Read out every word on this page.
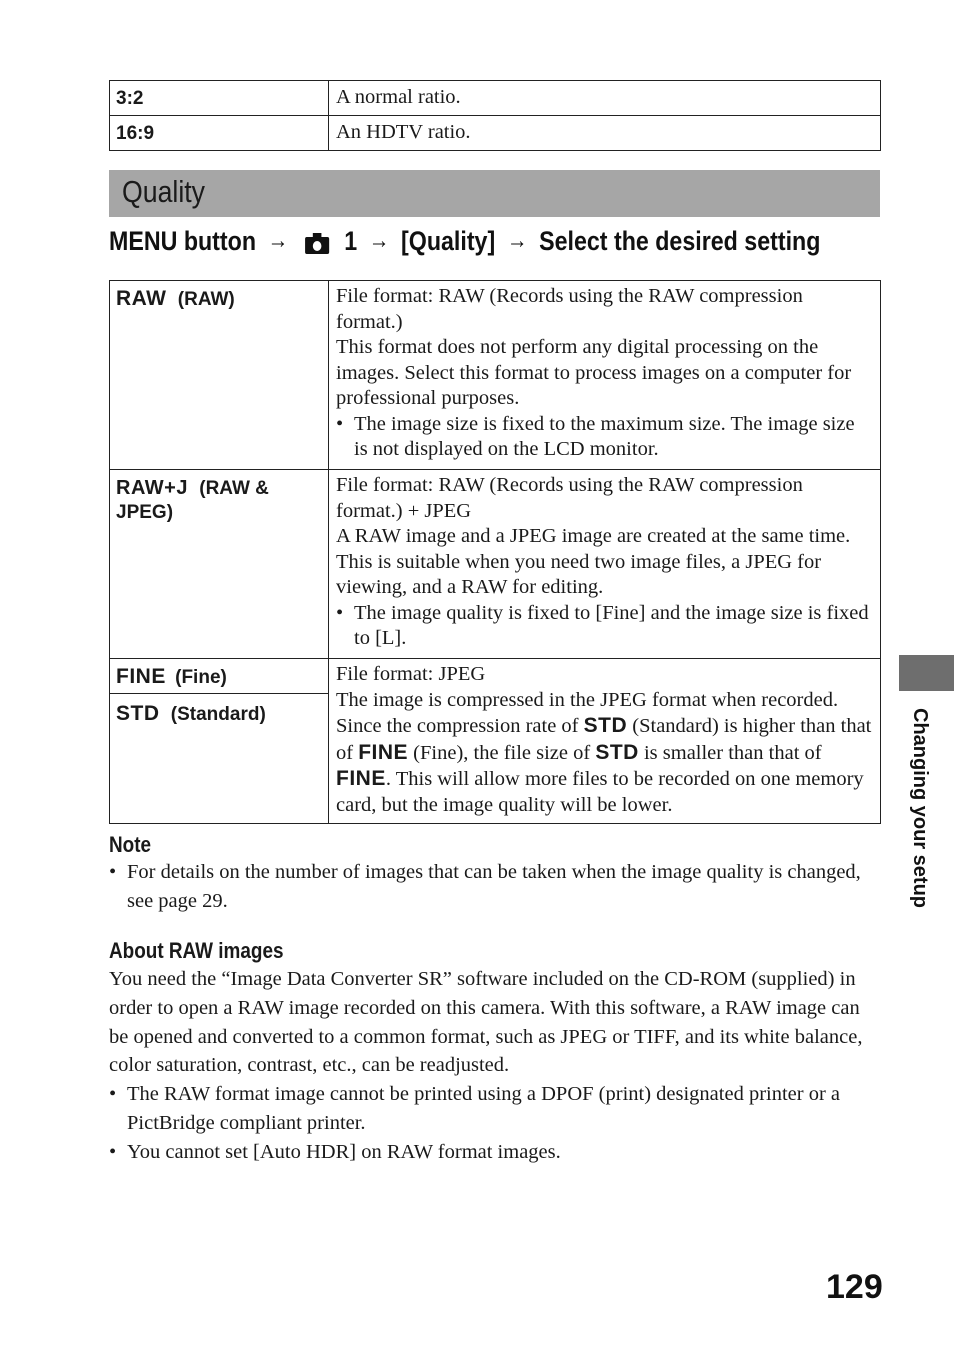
3:2	A normal ratio.
16:9	An HDTV ratio.
Quality
MENU button → 1 → [Quality] → Select the desired setting
RAW (RAW)	File format: RAW (Records using the RAW compression format.)
This format does not perform any digital processing on the images. Select this format to process images on a computer for professional purposes.
• The image size is fixed to the maximum size. The image size is not displayed on the LCD monitor.

RAW+J (RAW & JPEG)	File format: RAW (Records using the RAW compression format.) + JPEG
A RAW image and a JPEG image are created at the same time. This is suitable when you need two image files, a JPEG for viewing, and a RAW for editing.
• The image quality is fixed to [Fine] and the image size is fixed to [L].

FINE (Fine)	File format: JPEG
The image is compressed in the JPEG format when recorded. Since the compression rate of STD (Standard) is higher than that of FINE (Fine), the file size of STD is smaller than that of FINE. This will allow more files to be recorded on one memory card, but the image quality will be lower.

STD (Standard)	
Note
• For details on the number of images that can be taken when the image quality is changed, see page 29.
About RAW images
You need the “Image Data Converter SR” software included on the CD-ROM (supplied) in order to open a RAW image recorded on this camera. With this software, a RAW image can be opened and converted to a common format, such as JPEG or TIFF, and its white balance, color saturation, contrast, etc., can be readjusted.
• The RAW format image cannot be printed using a DPOF (print) designated printer or a PictBridge compliant printer.
• You cannot set [Auto HDR] on RAW format images.
Changing your setup
129
